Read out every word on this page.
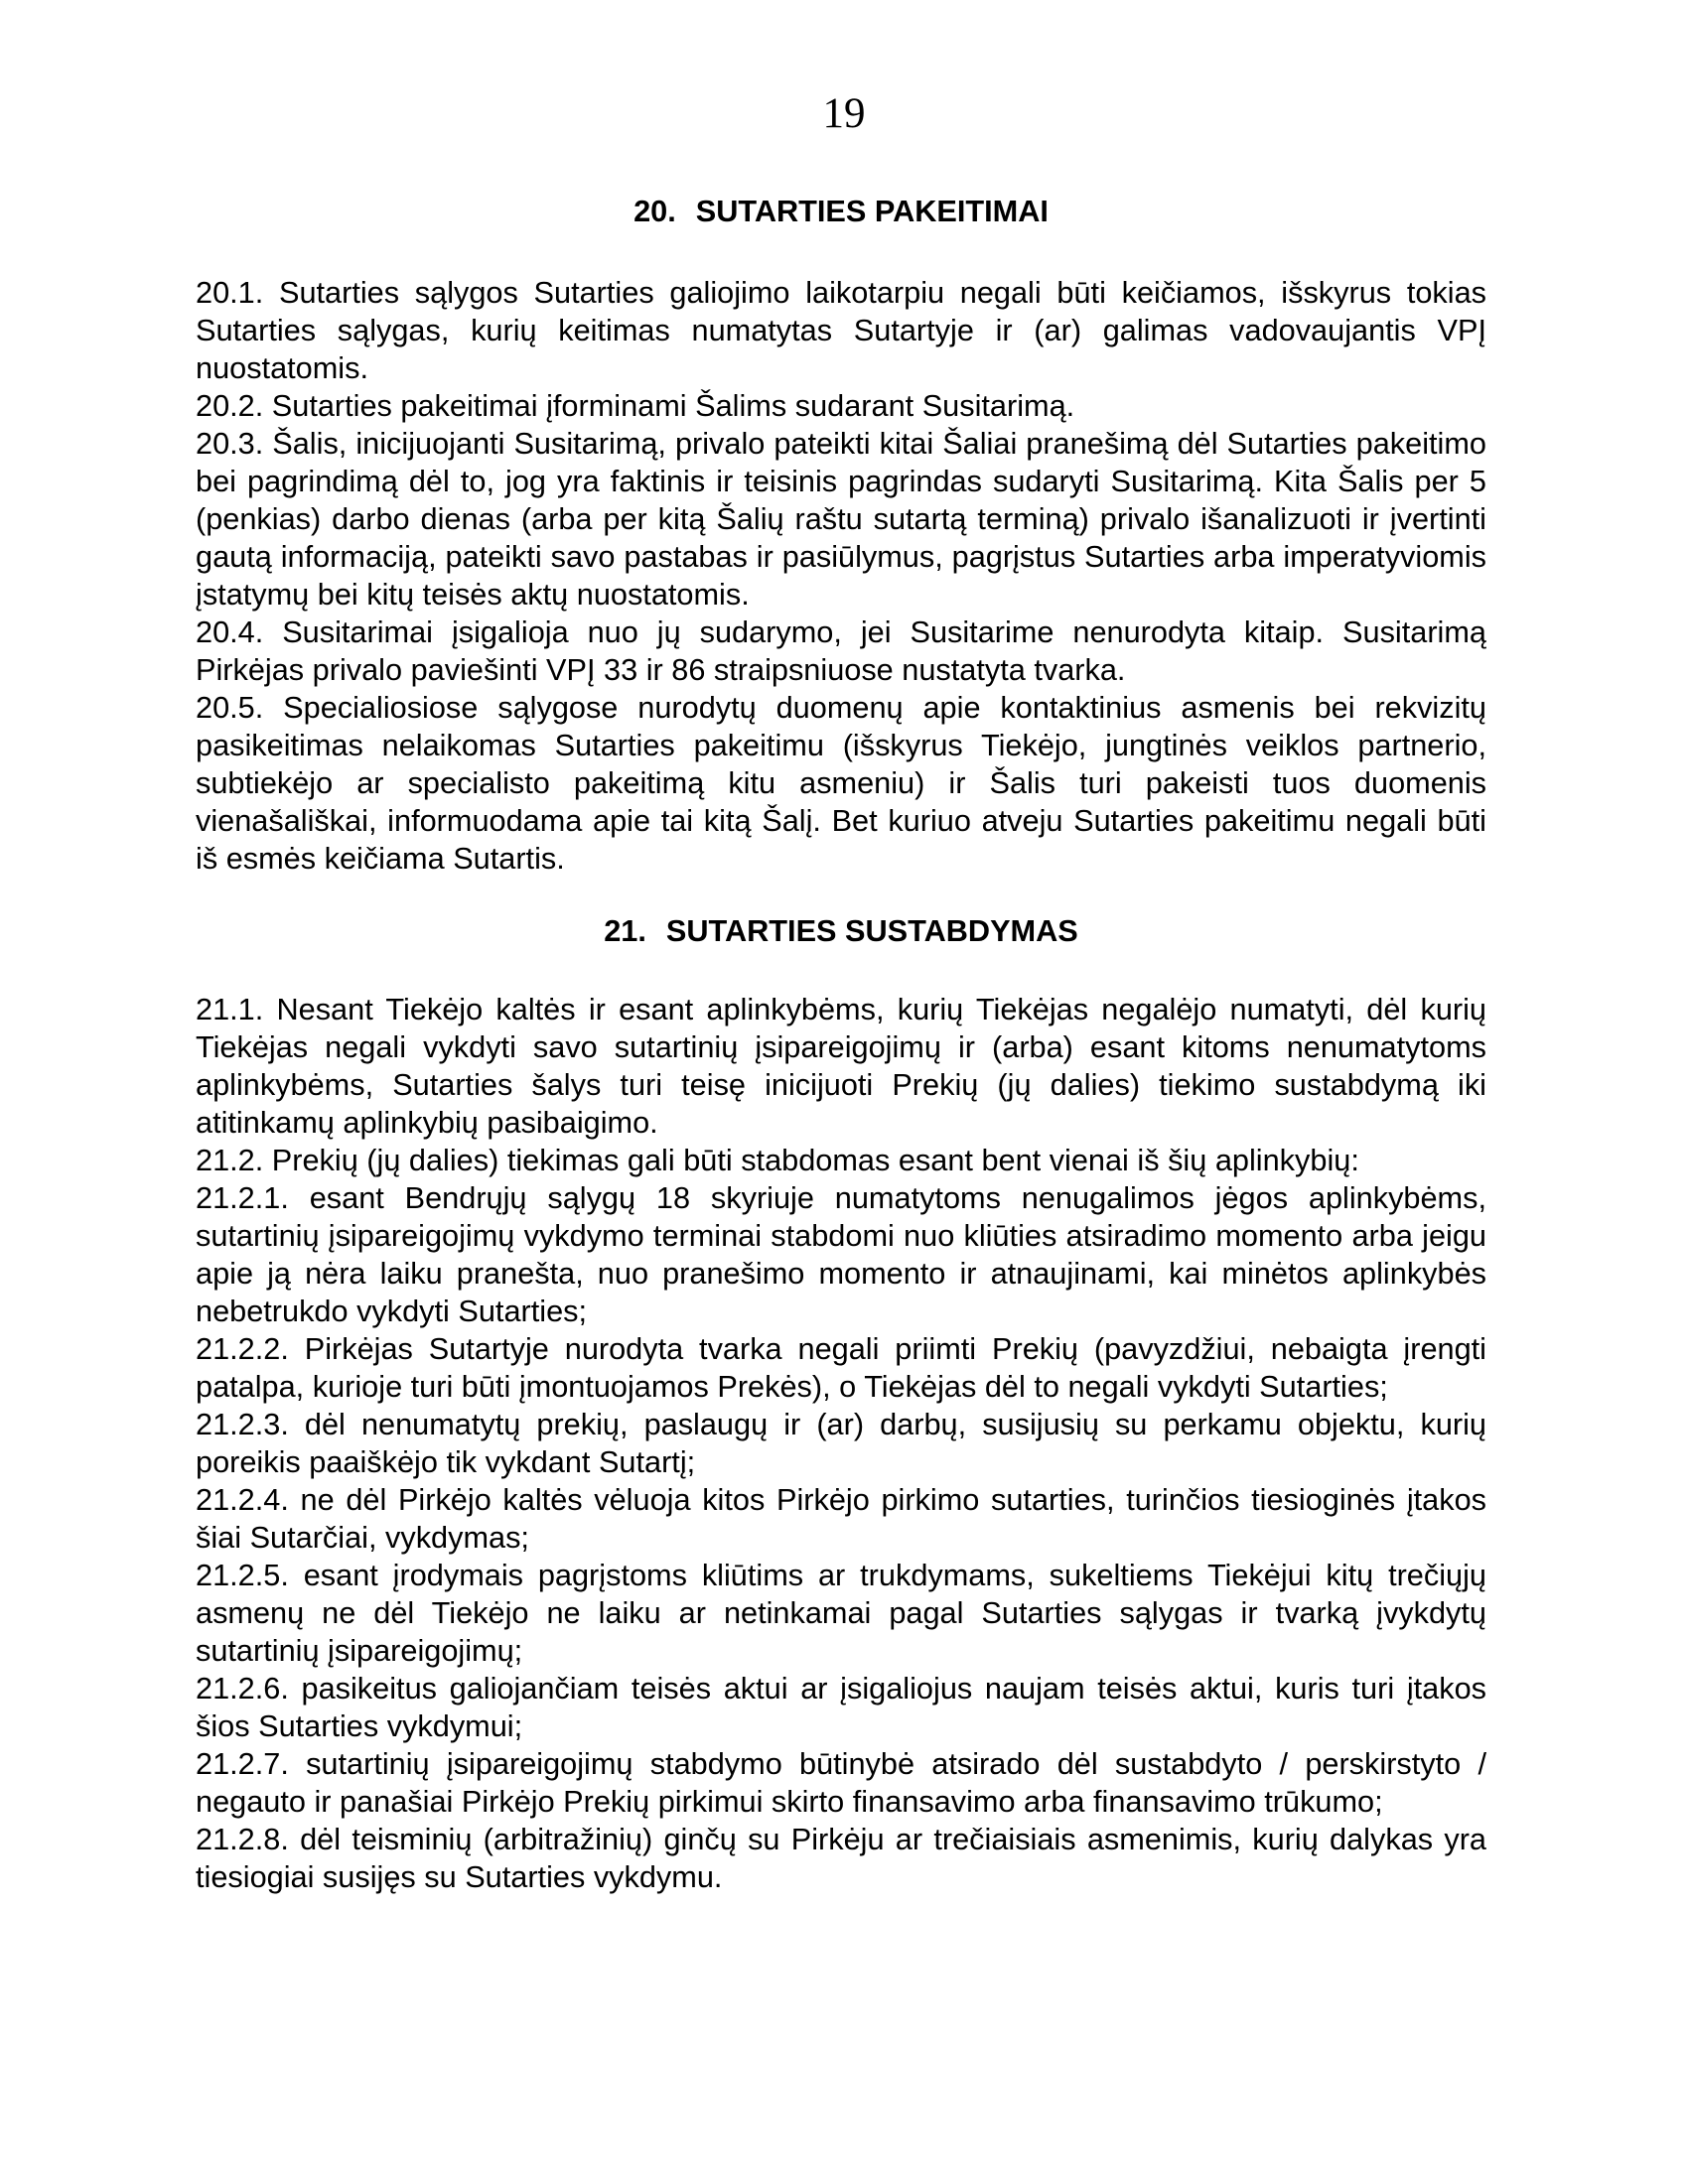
19
20. SUTARTIES PAKEITIMAI

20.1. Sutarties sąlygos Sutarties galiojimo laikotarpiu negali būti keičiamos, išskyrus tokias Sutarties sąlygas, kurių keitimas numatytas Sutartyje ir (ar) galimas vadovaujantis VPĮ nuostatomis.

20.2. Sutarties pakeitimai įforminami Šalims sudarant Susitarimą.

20.3. Šalis, inicijuojanti Susitarimą, privalo pateikti kitai Šaliai pranešimą dėl Sutarties pakeitimo bei pagrindimą dėl to, jog yra faktinis ir teisinis pagrindas sudaryti Susitarimą. Kita Šalis per 5 (penkias) darbo dienas (arba per kitą Šalių raštu sutartą terminą) privalo išanalizuoti ir įvertinti gautą informaciją, pateikti savo pastabas ir pasiūlymus, pagrįstus Sutarties arba imperatyviomis įstatymų bei kitų teisės aktų nuostatomis.

20.4. Susitarimai įsigalioja nuo jų sudarymo, jei Susitarime nenurodyta kitaip. Susitarimą Pirkėjas privalo paviešinti VPĮ 33 ir 86 straipsniuose nustatyta tvarka.

20.5. Specialiosiose sąlygose nurodytų duomenų apie kontaktinius asmenis bei rekvizitų pasikeitimas nelaikomas Sutarties pakeitimu (išskyrus Tiekėjo, jungtinės veiklos partnerio, subtiekėjo ar specialisto pakeitimą kitu asmeniu) ir Šalis turi pakeisti tuos duomenis vienašališkai, informuodama apie tai kitą Šalį. Bet kuriuo atveju Sutarties pakeitimu negali būti iš esmės keičiama Sutartis.

21. SUTARTIES SUSTABDYMAS

21.1. Nesant Tiekėjo kaltės ir esant aplinkybėms, kurių Tiekėjas negalėjo numatyti, dėl kurių Tiekėjas negali vykdyti savo sutartinių įsipareigojimų ir (arba) esant kitoms nenumatytoms aplinkybėms, Sutarties šalys turi teisę inicijuoti Prekių (jų dalies) tiekimo sustabdymą iki atitinkamų aplinkybių pasibaigimo.

21.2. Prekių (jų dalies) tiekimas gali būti stabdomas esant bent vienai iš šių aplinkybių:

21.2.1. esant Bendrųjų sąlygų 18 skyriuje numatytoms nenugalimos jėgos aplinkybėms, sutartinių įsipareigojimų vykdymo terminai stabdomi nuo kliūties atsiradimo momento arba jeigu apie ją nėra laiku pranešta, nuo pranešimo momento ir atnaujinami, kai minėtos aplinkybės nebetrukdo vykdyti Sutarties;

21.2.2. Pirkėjas Sutartyje nurodyta tvarka negali priimti Prekių (pavyzdžiui, nebaigta įrengti patalpa, kurioje turi būti įmontuojamos Prekės), o Tiekėjas dėl to negali vykdyti Sutarties;

21.2.3. dėl nenumatytų prekių, paslaugų ir (ar) darbų, susijusių su perkamu objektu, kurių poreikis paaiškėjo tik vykdant Sutartį;

21.2.4. ne dėl Pirkėjo kaltės vėluoja kitos Pirkėjo pirkimo sutarties, turinčios tiesioginės įtakos šiai Sutarčiai, vykdymas;

21.2.5. esant įrodymais pagrįstoms kliūtims ar trukdymams, sukeltiems Tiekėjui kitų trečiųjų asmenų ne dėl Tiekėjo ne laiku ar netinkamai pagal Sutarties sąlygas ir tvarką įvykdytų sutartinių įsipareigojimų;

21.2.6. pasikeitus galiojančiam teisės aktui ar įsigaliojus naujam teisės aktui, kuris turi įtakos šios Sutarties vykdymui;

21.2.7. sutartinių įsipareigojimų stabdymo būtinybė atsirado dėl sustabdyto / perskirstyto / negauto ir panašiai Pirkėjo Prekių pirkimui skirto finansavimo arba finansavimo trūkumo;

21.2.8. dėl teisminių (arbitražinių) ginčų su Pirkėju ar trečiaisiais asmenimis, kurių dalykas yra tiesiogiai susijęs su Sutarties vykdymu.
